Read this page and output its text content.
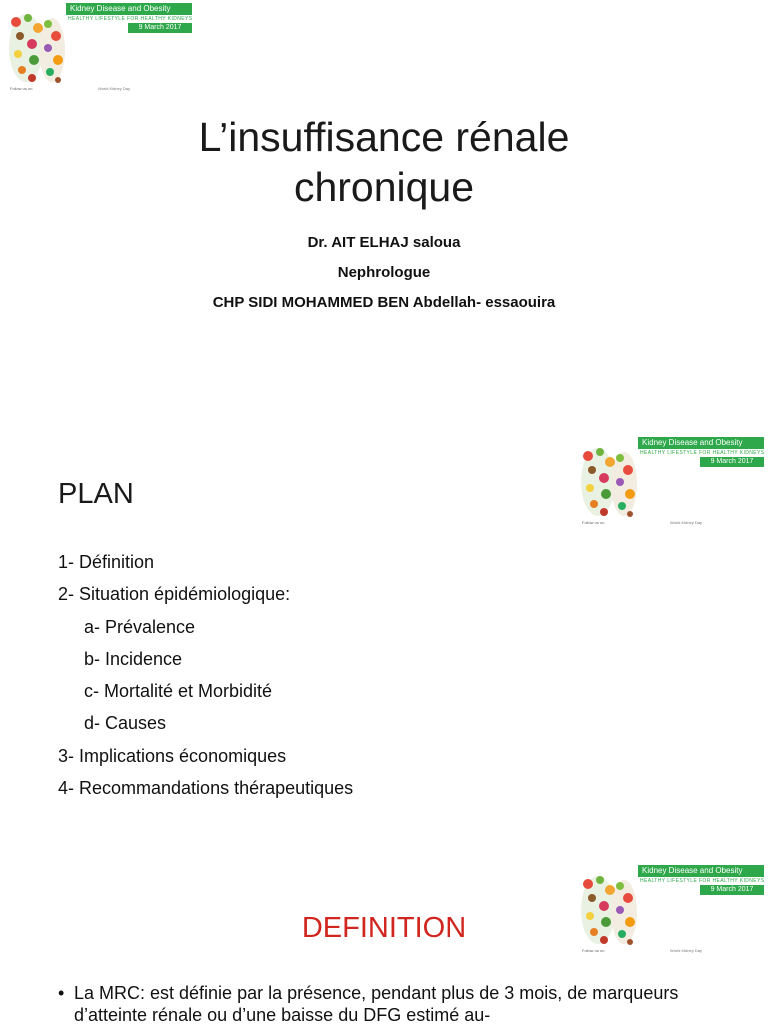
Kidney Disease and Obesity
HEALTHY LIFESTYLE FOR HEALTHY KIDNEYS
9 March 2017
Follow us on	World Kidney Day
L’insuffisance rénale
chronique
Dr. AIT ELHAJ saloua
Nephrologue
CHP SIDI MOHAMMED BEN Abdellah- essaouira
Kidney Disease and Obesity
HEALTHY LIFESTYLE FOR HEALTHY KIDNEYS
9 March 2017
Follow us on	World Kidney Day
PLAN
1- Définition
2- Situation épidémiologique:
a- Prévalence
b- Incidence
c- Mortalité et Morbidité
d- Causes
3- Implications économiques
4- Recommandations thérapeutiques
Kidney Disease and Obesity
HEALTHY LIFESTYLE FOR HEALTHY KIDNEYS
9 March 2017
Follow us on	World Kidney Day
DEFINITION
• La MRC: est définie par la présence, pendant plus de 3 mois, de marqueurs d’atteinte rénale ou d’une baisse du DFG estimé au-
